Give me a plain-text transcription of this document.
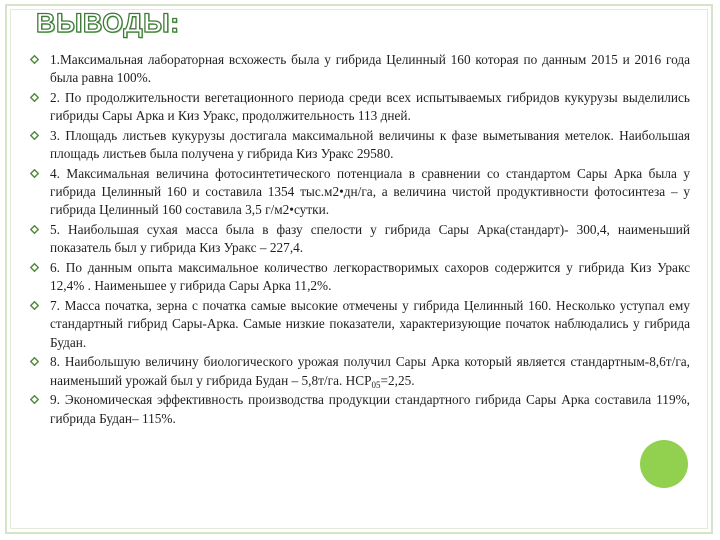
ВЫВОДЫ:
1.Максимальная лабораторная всхожесть была у гибрида Целинный 160 которая по данным 2015 и 2016 года была равна 100%.
2. По продолжительности вегетационного периода среди всех испытываемых гибридов кукурузы выделились гибриды Сары Арка и Киз Уракс, продолжительность 113 дней.
3. Площадь листьев кукурузы достигала максимальной величины к фазе выметывания метелок. Наибольшая площадь листьев была получена у гибрида Киз Уракс 29580.
4. Максимальная величина фотосинтетического потенциала в сравнении со стандартом Сары Арка была у гибрида Целинный 160 и составила 1354 тыс.м2•дн/га, а величина чистой продуктивности фотосинтеза – у гибрида Целинный 160 составила 3,5 г/м2•сутки.
5. Наибольшая сухая масса была в фазу спелости у гибрида Сары Арка(стандарт)- 300,4, наименьший показатель был у гибрида Киз Уракс – 227,4.
6. По данным опыта максимальное количество легкорастворимых сахоров содержится у гибрида Киз Уракс 12,4% . Наименьшее у гибрида Сары Арка 11,2%.
7. Масса початка, зерна с початка самые высокие отмечены у гибрида Целинный 160. Несколько уступал ему стандартный гибрид Сары-Арка. Самые низкие показатели, характеризующие початок наблюдались у гибрида Будан.
8. Наибольшую величину биологического урожая получил Сары Арка который является стандартным-8,6т/га, наименьший урожай был у гибрида Будан – 5,8т/га. $НСР_{05}=2,25$.
9. Экономическая эффективность производства продукции стандартного гибрида Сары Арка составила 119%, гибрида Будан– 115%.
